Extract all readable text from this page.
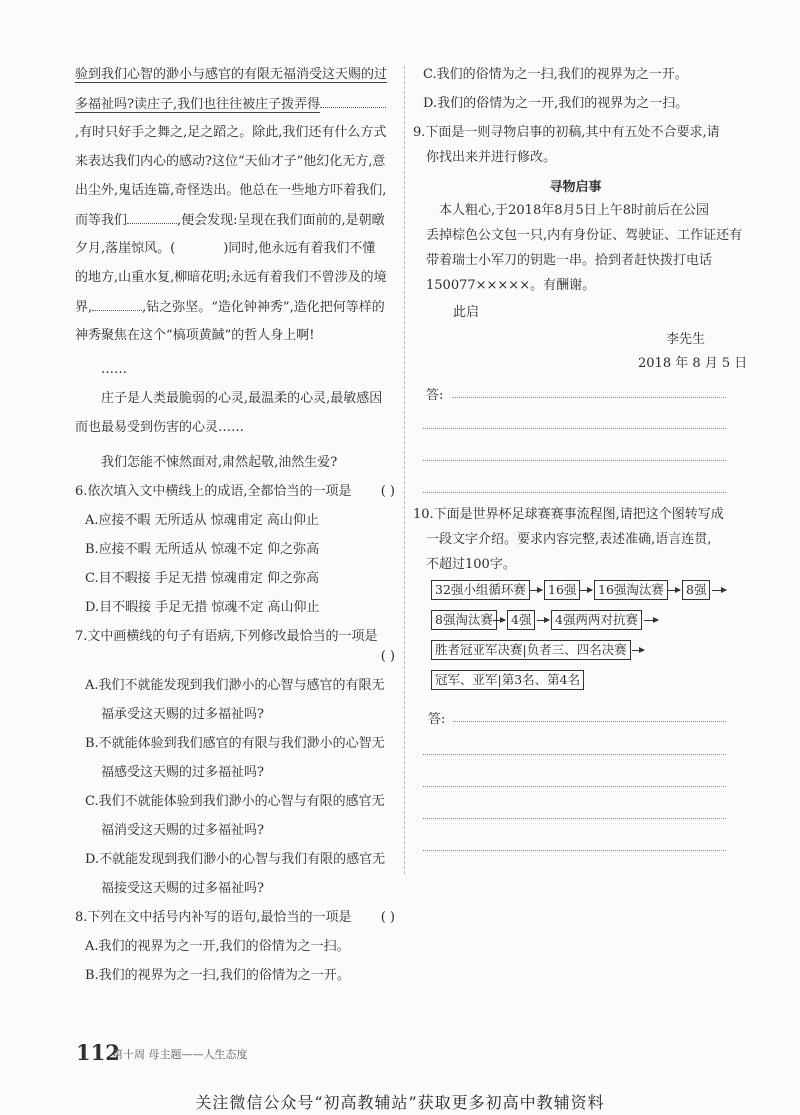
验到我们心智的渺小与感官的有限无福消受这天赐的过
多福祉吗?读庄子,我们也往往被庄子拨弄得
,有时只好手之舞之,足之蹈之。除此,我们还有什么方式
来表达我们内心的感动?这位“天仙才子”他幻化无方,意
出尘外,鬼话连篇,奇怪迭出。他总在一些地方吓着我们,
而等我们	,便会发现:呈现在我们面前的,是朝暾
夕月,落崖惊风。(	)同时,他永远有着我们不懂
的地方,山重水复,柳暗花明;永远有着我们不曾涉及的境
界,	,钻之弥坚。“造化钟神秀”,造化把何等样的
神秀聚焦在这个“槁项黄馘”的哲人身上啊!
……
庄子是人类最脆弱的心灵,最温柔的心灵,最敏感因
而也最易受到伤害的心灵……
我们怎能不悚然面对,肃然起敬,油然生爱?
6.依次填入文中横线上的成语,全都恰当的一项是 ( )
A.应接不暇 无所适从 惊魂甫定 高山仰止
B.应接不暇 无所适从 惊魂不定 仰之弥高
C.目不暇接 手足无措 惊魂甫定 仰之弥高
D.目不暇接 手足无措 惊魂不定 高山仰止
7.文中画横线的句子有语病,下列修改最恰当的一项是
( )
A.我们不就能发现到我们渺小的心智与感官的有限无
福承受这天赐的过多福祉吗?
B.不就能体验到我们感官的有限与我们渺小的心智无
福感受这天赐的过多福祉吗?
C.我们不就能体验到我们渺小的心智与有限的感官无
福消受这天赐的过多福祉吗?
D.不就能发现到我们渺小的心智与我们有限的感官无
福接受这天赐的过多福祉吗?
8.下列在文中括号内补写的语句,最恰当的一项是 ( )
A.我们的视界为之一开,我们的俗情为之一扫。
B.我们的视界为之一扫,我们的俗情为之一开。
C.我们的俗情为之一扫,我们的视界为之一开。
D.我们的俗情为之一开,我们的视界为之一扫。
9.下面是一则寻物启事的初稿,其中有五处不合要求,请
你找出来并进行修改。
寻物启事
本人粗心,于2018年8月5日上午8时前后在公园
丢掉棕色公文包一只,内有身份证、驾驶证、工作证还有
带着瑞士小军刀的钥匙一串。拾到者赶快拨打电话
150077×××××。有酬谢。
此启
李先生
2018 年 8 月 5 日
答:
10.下面是世界杯足球赛赛事流程图,请把这个图转写成
一段文字介绍。要求内容完整,表述准确,语言连贯,
不超过100字。
32强小组循环赛	16强	16强淘汰赛	8强
8强淘汰赛	4强	4强两两对抗赛
胜者冠亚军决赛|负者三、四名决赛
冠军、亚军|第3名、第4名
答:
112
第十周 母主题——人生态度
关注微信公众号“初高教辅站”获取更多初高中教辅资料
